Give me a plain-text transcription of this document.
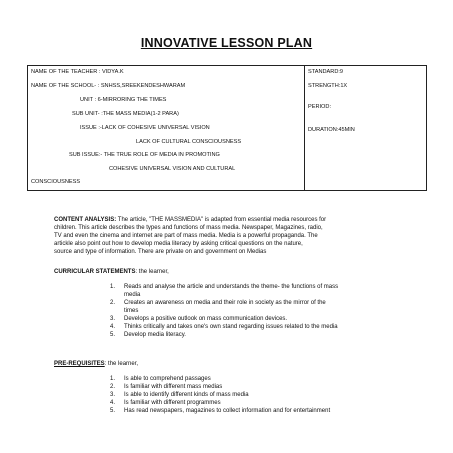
INNOVATIVE LESSON PLAN
NAME OF THE TEACHER : VIDYA.K
NAME OF THE SCHOOL- : SNHSS,SREEKENDESHWARAM
UNIT : 6-MIRRORING THE TIMES
SUB UNIT- :THE MASS MEDIA(1-2 PARA)
ISSUE :-LACK OF COHESIVE UNIVERSAL VISION
LACK OF CULTURAL CONSCIOUSNESS
SUB ISSUE:- THE TRUE ROLE OF MEDIA IN PROMOTING
COHESIVE UNIVERSAL VISION AND CULTURAL
CONSCIOUSNESS
STANDARD:9
STRENGTH:1X
PERIOD:
DURATION:45MIN
CONTENT ANALYSIS: The article, "THE MASSMEDIA" is adapted from essential media resources for
children. This article describes the types and functions of mass media. Newspaper, Magazines, radio,
TV and even the cinema and internet are part of mass media. Media is a powerful propaganda. The
artickle also point out how to develop media literacy by asking critical questions on the nature,
source and type of information. There are private on and government on Medias
CURRICULAR STATEMENTS: the learner,
1.	Reads and analyse the article and understands the theme- the functions of mass
media
2.	Creates an awareness on media and their role in society as the mirror of the
times
3.	Develops a positive outlook on mass communication devices.
4.	Thinks critically and takes one's own stand regarding issues related to the media
5.	Develop media literacy.
PRE-REQUISITES: the learner,
1.	Is able to comprehend passages
2.	Is familiar with different mass medias
3.	Is able to identify different kinds of mass media
4.	Is familiar with different programmes
5.	Has read newspapers, magazines to collect information and for entertainment
